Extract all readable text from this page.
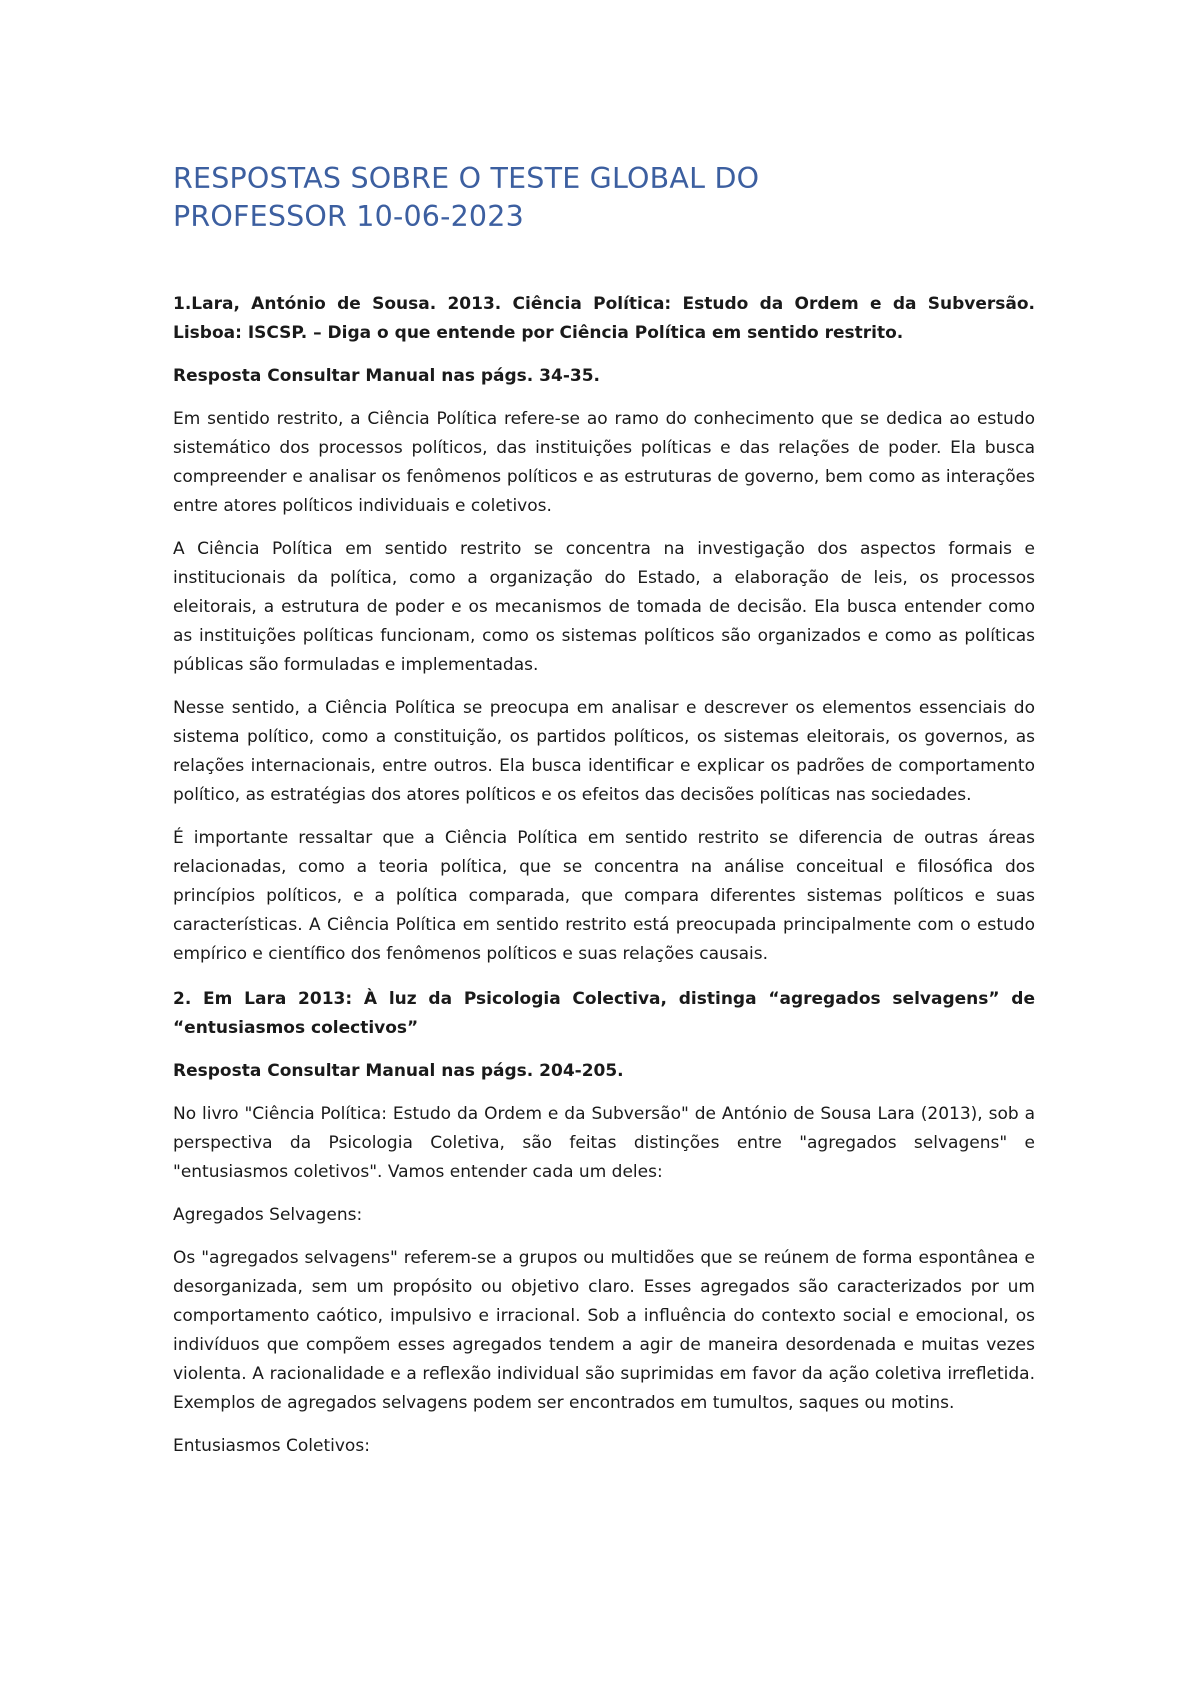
RESPOSTAS SOBRE O TESTE GLOBAL DO
PROFESSOR 10-06-2023

1.Lara, António de Sousa. 2013. Ciência Política: Estudo da Ordem e da Subversão. Lisboa: ISCSP. – Diga o que entende por Ciência Política em sentido restrito.

Resposta Consultar Manual nas págs. 34-35.

Em sentido restrito, a Ciência Política refere-se ao ramo do conhecimento que se dedica ao estudo sistemático dos processos políticos, das instituições políticas e das relações de poder. Ela busca compreender e analisar os fenômenos políticos e as estruturas de governo, bem como as interações entre atores políticos individuais e coletivos.

A Ciência Política em sentido restrito se concentra na investigação dos aspectos formais e institucionais da política, como a organização do Estado, a elaboração de leis, os processos eleitorais, a estrutura de poder e os mecanismos de tomada de decisão. Ela busca entender como as instituições políticas funcionam, como os sistemas políticos são organizados e como as políticas públicas são formuladas e implementadas.

Nesse sentido, a Ciência Política se preocupa em analisar e descrever os elementos essenciais do sistema político, como a constituição, os partidos políticos, os sistemas eleitorais, os governos, as relações internacionais, entre outros. Ela busca identificar e explicar os padrões de comportamento político, as estratégias dos atores políticos e os efeitos das decisões políticas nas sociedades.

É importante ressaltar que a Ciência Política em sentido restrito se diferencia de outras áreas relacionadas, como a teoria política, que se concentra na análise conceitual e filosófica dos princípios políticos, e a política comparada, que compara diferentes sistemas políticos e suas características. A Ciência Política em sentido restrito está preocupada principalmente com o estudo empírico e científico dos fenômenos políticos e suas relações causais.

2. Em Lara 2013: À luz da Psicologia Colectiva, distinga “agregados selvagens” de “entusiasmos colectivos”

Resposta Consultar Manual nas págs. 204-205.

No livro "Ciência Política: Estudo da Ordem e da Subversão" de António de Sousa Lara (2013), sob a perspectiva da Psicologia Coletiva, são feitas distinções entre "agregados selvagens" e "entusiasmos coletivos". Vamos entender cada um deles:

Agregados Selvagens:

Os "agregados selvagens" referem-se a grupos ou multidões que se reúnem de forma espontânea e desorganizada, sem um propósito ou objetivo claro. Esses agregados são caracterizados por um comportamento caótico, impulsivo e irracional. Sob a influência do contexto social e emocional, os indivíduos que compõem esses agregados tendem a agir de maneira desordenada e muitas vezes violenta. A racionalidade e a reflexão individual são suprimidas em favor da ação coletiva irrefletida. Exemplos de agregados selvagens podem ser encontrados em tumultos, saques ou motins.

Entusiasmos Coletivos:
